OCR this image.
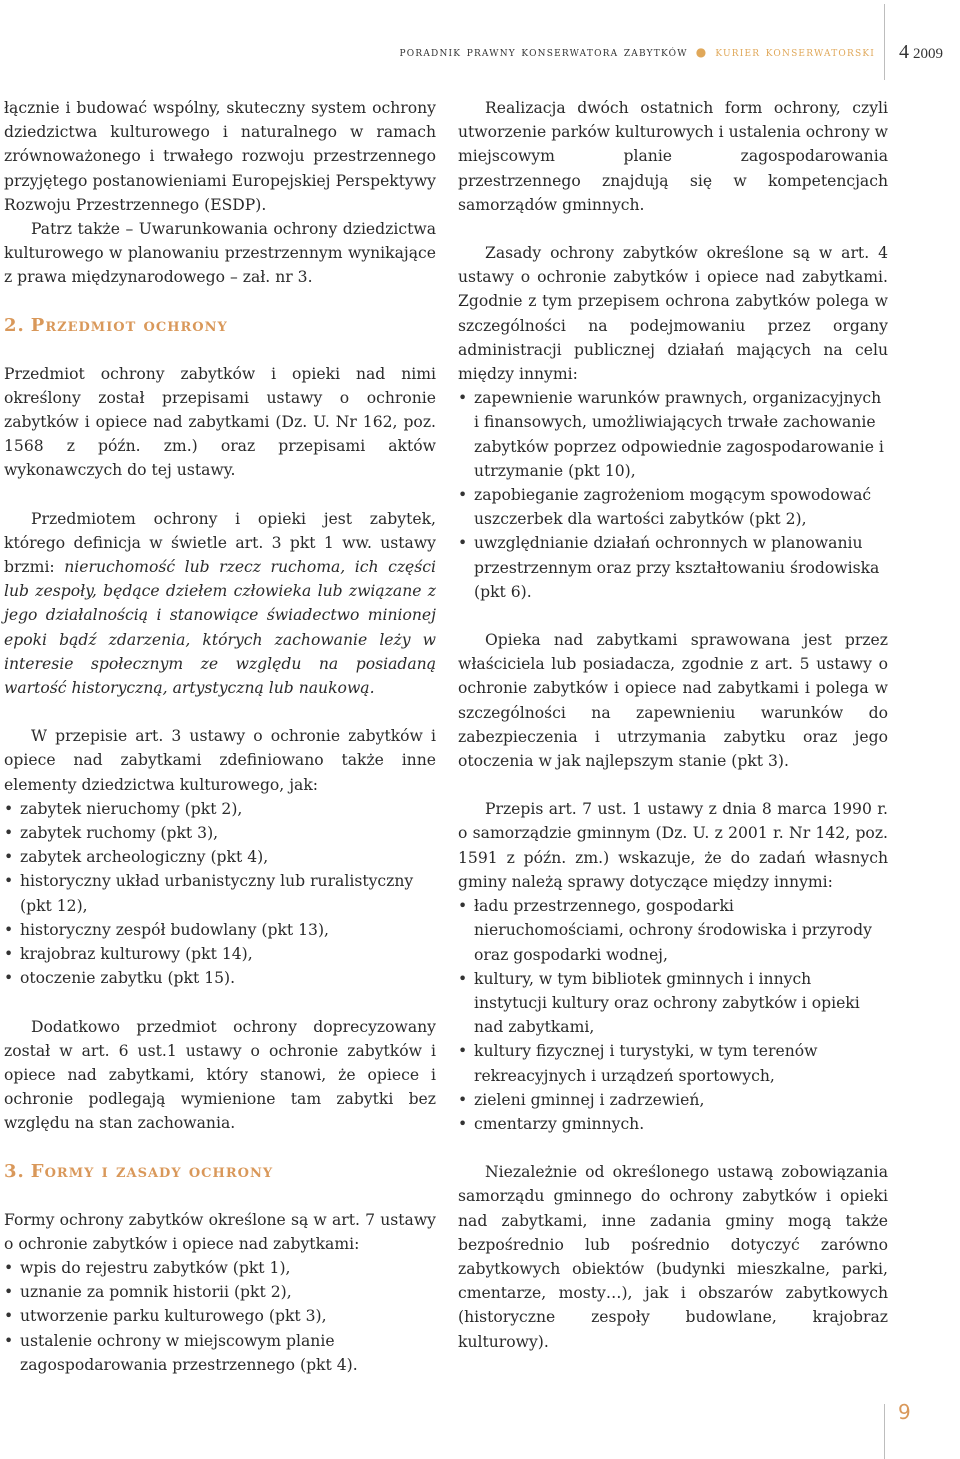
poradnik prawny konserwatora zabytków ● kurier konserwatorski 4 2009

łącznie i budować wspólny, skuteczny system ochrony dziedzictwa kulturowego i naturalnego w ramach zrównoważonego i trwałego rozwoju przestrzennego przyjętego postanowieniami Europejskiej Perspektywy Rozwoju Przestrzennego (ESDP).

Patrz także – Uwarunkowania ochrony dziedzictwa kulturowego w planowaniu przestrzennym wynikające z prawa międzynarodowego – zał. nr 3.

2. Przedmiot ochrony

Przedmiot ochrony zabytków i opieki nad nimi określony został przepisami ustawy o ochronie zabytków i opiece nad zabytkami (Dz. U. Nr 162, poz. 1568 z późn. zm.) oraz przepisami aktów wykonawczych do tej ustawy.

Przedmiotem ochrony i opieki jest zabytek, którego definicja w świetle art. 3 pkt 1 ww. ustawy brzmi: nieruchomość lub rzecz ruchoma, ich części lub zespoły, będące dziełem człowieka lub związane z jego działalnością i stanowiące świadectwo minionej epoki bądź zdarzenia, których zachowanie leży w interesie społecznym ze względu na posiadaną wartość historyczną, artystyczną lub naukową.

W przepisie art. 3 ustawy o ochronie zabytków i opiece nad zabytkami zdefiniowano także inne elementy dziedzictwa kulturowego, jak:

• zabytek nieruchomy (pkt 2),
• zabytek ruchomy (pkt 3),
• zabytek archeologiczny (pkt 4),
• historyczny układ urbanistyczny lub ruralistyczny (pkt 12),
• historyczny zespół budowlany (pkt 13),
• krajobraz kulturowy (pkt 14),
• otoczenie zabytku (pkt 15).

Dodatkowo przedmiot ochrony doprecyzowany został w art. 6 ust.1 ustawy o ochronie zabytków i opiece nad zabytkami, który stanowi, że opiece i ochronie podlegają wymienione tam zabytki bez względu na stan zachowania.

3. Formy i zasady ochrony

Formy ochrony zabytków określone są w art. 7 ustawy o ochronie zabytków i opiece nad zabytkami:

• wpis do rejestru zabytków (pkt 1),
• uznanie za pomnik historii (pkt 2),
• utworzenie parku kulturowego (pkt 3),
• ustalenie ochrony w miejscowym planie zagospodarowania przestrzennego (pkt 4).

Realizacja dwóch ostatnich form ochrony, czyli utworzenie parków kulturowych i ustalenia ochrony w miejscowym planie zagospodarowania przestrzennego znajdują się w kompetencjach samorządów gminnych.

Zasady ochrony zabytków określone są w art. 4 ustawy o ochronie zabytków i opiece nad zabytkami. Zgodnie z tym przepisem ochrona zabytków polega w szczególności na podejmowaniu przez organy administracji publicznej działań mających na celu między innymi:

• zapewnienie warunków prawnych, organizacyjnych i finansowych, umożliwiających trwałe zachowanie zabytków poprzez odpowiednie zagospodarowanie i utrzymanie (pkt 10),
• zapobieganie zagrożeniom mogącym spowodować uszczerbek dla wartości zabytków (pkt 2),
• uwzględnianie działań ochronnych w planowaniu przestrzennym oraz przy kształtowaniu środowiska (pkt 6).

Opieka nad zabytkami sprawowana jest przez właściciela lub posiadacza, zgodnie z art. 5 ustawy o ochronie zabytków i opiece nad zabytkami i polega w szczególności na zapewnieniu warunków do zabezpieczenia i utrzymania zabytku oraz jego otoczenia w jak najlepszym stanie (pkt 3).

Przepis art. 7 ust. 1 ustawy z dnia 8 marca 1990 r. o samorządzie gminnym (Dz. U. z 2001 r. Nr 142, poz. 1591 z późn. zm.) wskazuje, że do zadań własnych gminy należą sprawy dotyczące między innymi:

• ładu przestrzennego, gospodarki nieruchomościami, ochrony środowiska i przyrody oraz gospodarki wodnej,
• kultury, w tym bibliotek gminnych i innych instytucji kultury oraz ochrony zabytków i opieki nad zabytkami,
• kultury fizycznej i turystyki, w tym terenów rekreacyjnych i urządzeń sportowych,
• zieleni gminnej i zadrzewień,
• cmentarzy gminnych.

Niezależnie od określonego ustawą zobowiązania samorządu gminnego do ochrony zabytków i opieki nad zabytkami, inne zadania gminy mogą także bezpośrednio lub pośrednio dotyczyć zarówno zabytkowych obiektów (budynki mieszkalne, parki, cmentarze, mosty…), jak i obszarów zabytkowych (historyczne zespoły budowlane, krajobraz kulturowy).

9
